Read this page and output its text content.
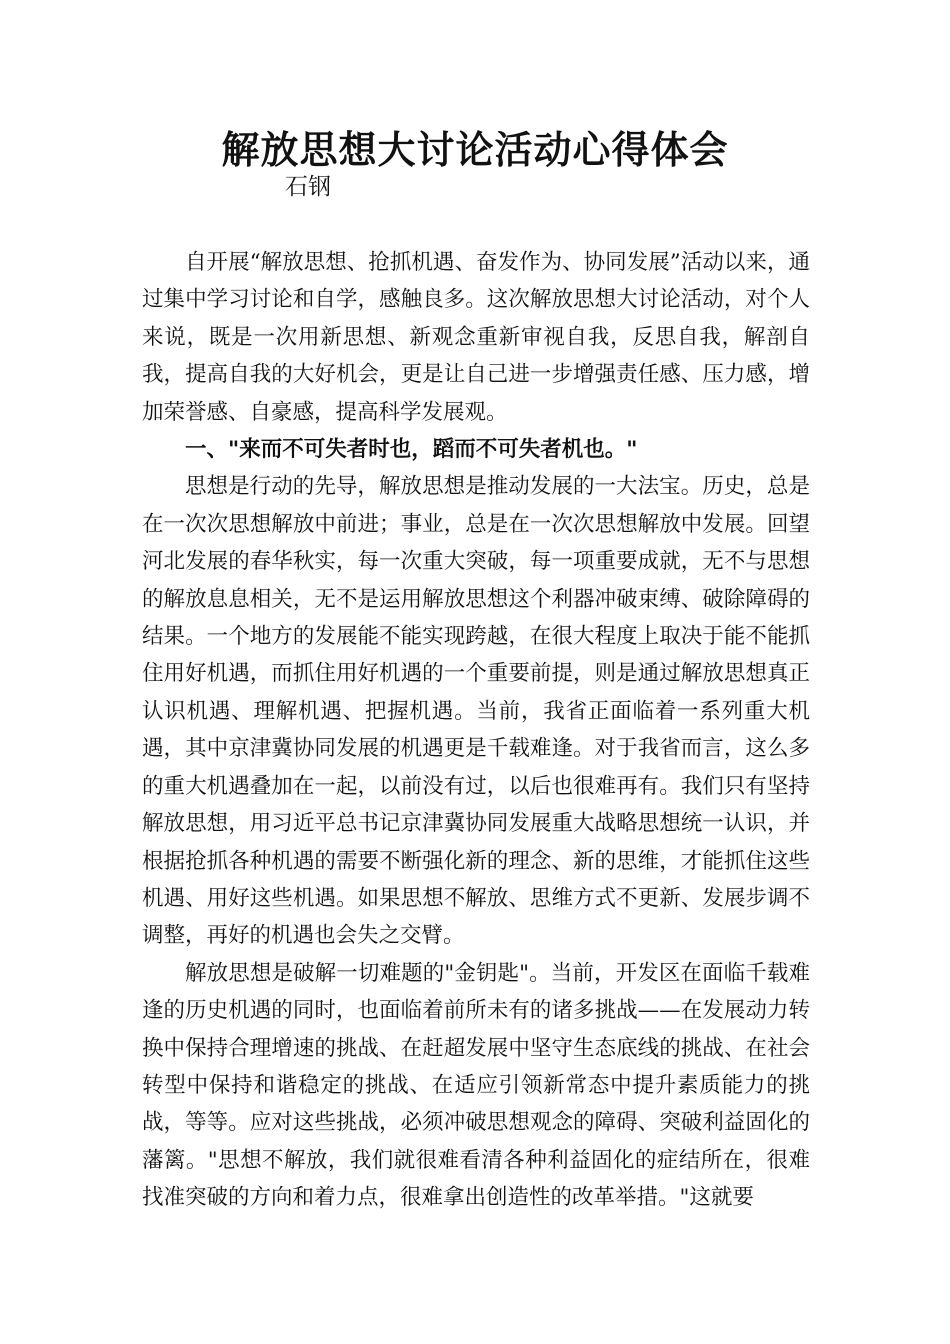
解放思想大讨论活动心得体会
石钢

自开展“解放思想、抢抓机遇、奋发作为、协同发展”活动以来，通过集中学习讨论和自学，感触良多。这次解放思想大讨论活动，对个人来说，既是一次用新思想、新观念重新审视自我，反思自我，解剖自我，提高自我的大好机会，更是让自己进一步增强责任感、压力感，增加荣誉感、自豪感，提高科学发展观。

一、"来而不可失者时也，蹈而不可失者机也。"

思想是行动的先导，解放思想是推动发展的一大法宝。历史，总是在一次次思想解放中前进；事业，总是在一次次思想解放中发展。回望河北发展的春华秋实，每一次重大突破，每一项重要成就，无不与思想的解放息息相关，无不是运用解放思想这个利器冲破束缚、破除障碍的结果。一个地方的发展能不能实现跨越，在很大程度上取决于能不能抓住用好机遇，而抓住用好机遇的一个重要前提，则是通过解放思想真正认识机遇、理解机遇、把握机遇。当前，我省正面临着一系列重大机遇，其中京津冀协同发展的机遇更是千载难逢。对于我省而言，这么多的重大机遇叠加在一起，以前没有过，以后也很难再有。我们只有坚持解放思想，用习近平总书记京津冀协同发展重大战略思想统一认识，并根据抢抓各种机遇的需要不断强化新的理念、新的思维，才能抓住这些机遇、用好这些机遇。如果思想不解放、思维方式不更新、发展步调不调整，再好的机遇也会失之交臂。

解放思想是破解一切难题的"金钥匙"。当前，开发区在面临千载难逢的历史机遇的同时，也面临着前所未有的诸多挑战——在发展动力转换中保持合理增速的挑战、在赶超发展中坚守生态底线的挑战、在社会转型中保持和谐稳定的挑战、在适应引领新常态中提升素质能力的挑战，等等。应对这些挑战，必须冲破思想观念的障碍、突破利益固化的藩篱。"思想不解放，我们就很难看清各种利益固化的症结所在，很难找准突破的方向和着力点，很难拿出创造性的改革举措。"这就要
